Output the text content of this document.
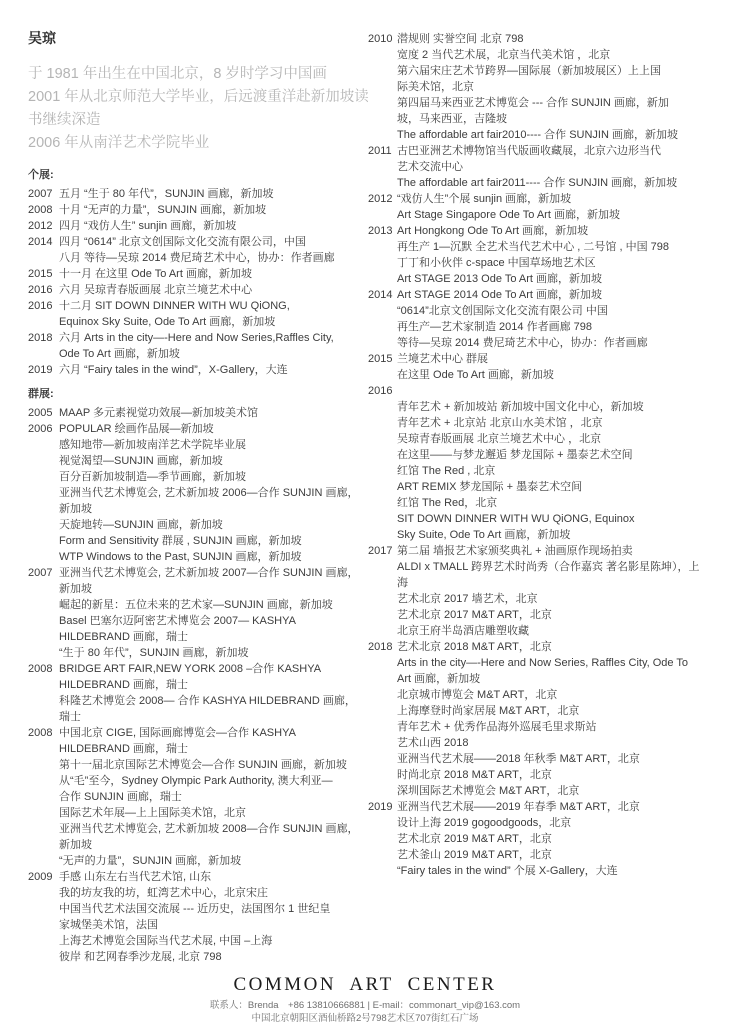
吴琼
于 1981 年出生在中国北京，8 岁时学习中国画
2001 年从北京师范大学毕业，后远渡重洋赴新加坡读
书继续深造
2006 年从南洋艺术学院毕业
个展:
2007 五月 “生于 80 年代”，SUNJIN 画廊，新加坡
2008 十月 “无声的力量”，SUNJIN 画廊，新加坡
2012 四月 “戏仿人生” sunjin 画廊，新加坡
2014 四月 “0614” 北京文创国际文化交流有限公司，中国
八月 等待—吴琼 2014 费尼琦艺术中心，协办：作者画廊
2015 十一月 在这里 Ode To Art 画廊，新加坡
2016 六月 吴琼青春版画展 北京兰境艺术中心
2016 十二月 SIT DOWN DINNER WITH WU QiONG,
Equinox Sky Suite, Ode To Art 画廊，新加坡
2018 六月 Arts in the city—-Here and Now Series,Raffles City,
Ode To Art 画廊，新加坡
2019 六月 “Fairy tales in the wind”，X-Gallery，大连
群展:
2005 MAAP 多元素视觉功效展—新加坡美术馆
2006 POPULAR 绘画作品展—新加坡
感知地带—新加坡南洋艺术学院毕业展
视觉渴望—SUNJIN 画廊，新加坡
百分百新加坡制造—季节画廊，新加坡
亚洲当代艺术博览会, 艺术新加坡 2006—合作 SUNJIN 画廊，
新加坡
天旋地转—SUNJIN 画廊，新加坡
Form and Sensitivity 群展 , SUNJIN 画廊，新加坡
WTP Windows to the Past, SUNJIN 画廊，新加坡
2007 亚洲当代艺术博览会, 艺术新加坡 2007—合作 SUNJIN 画廊，
新加坡
崛起的新星：五位未来的艺术家—SUNJIN 画廊，新加坡
Basel 巴塞尔迈阿密艺术博览会 2007— KASHYA
HILDEBRAND 画廊，瑞士
“生于 80 年代”，SUNJIN 画廊，新加坡
2008 BRIDGE ART FAIR,NEW YORK 2008 –合作 KASHYA
HILDEBRAND 画廊，瑞士
科隆艺术博览会 2008— 合作 KASHYA HILDEBRAND 画廊，
瑞士
2008 中国北京 CIGE, 国际画廊博览会—合作 KASHYA
HILDEBRAND 画廊，瑞士
第十一届北京国际艺术博览会—合作 SUNJIN 画廊，新加坡
从“毛”至今，Sydney Olympic Park Authority, 澳大利亚—
合作 SUNJIN 画廊，瑞士
国际艺术年展—上上国际美术馆，北京
亚洲当代艺术博览会, 艺术新加坡 2008—合作 SUNJIN 画廊，
新加坡
“无声的力量”，SUNJIN 画廊，新加坡
2009 手感 山东左右当代艺术馆, 山东
我的坊友我的坊，虹湾艺术中心，北京宋庄
中国当代艺术法国交流展 --- 近历史，法国图尔 1 世纪皇
家城堡美术馆，法国
上海艺术博览会国际当代艺术展, 中国 –上海
彼岸 和艺网春季沙龙展, 北京 798
2010 潜规则 实誉空间 北京 798
宽度 2 当代艺术展，北京当代美术馆 ，北京
第六届宋庄艺术节跨界—国际展（新加坡展区）上上国
际美术馆，北京
第四届马来西亚艺术博览会 --- 合作 SUNJIN 画廊，新加
坡，马来西亚，吉隆坡
The affordable art fair2010---- 合作 SUNJIN 画廊，新加坡
2011 古巴亚洲艺术博物馆当代版画收藏展，北京六边形当代
艺术交流中心
The affordable art fair2011---- 合作 SUNJIN 画廊，新加坡
2012 “戏仿人生”个展 sunjin 画廊，新加坡
Art Stage Singapore Ode To Art 画廊，新加坡
2013 Art Hongkong Ode To Art 画廊，新加坡
再生产 1—沉默 全艺术当代艺术中心 , 二号馆 , 中国 798
丁丁和小伙伴 c-space 中国草场地艺术区
Art STAGE 2013 Ode To Art 画廊，新加坡
2014 Art STAGE 2014 Ode To Art 画廊，新加坡
“0614”北京文创国际文化交流有限公司 中国
再生产—艺术家制造 2014 作者画廊 798
等待—吴琼 2014 费尼琦艺术中心，协办：作者画廊
2015 兰境艺术中心 群展
在这里 Ode To Art 画廊，新加坡
2016
青年艺术 + 新加坡站 新加坡中国文化中心，新加坡
青年艺术 + 北京站 北京山水美术馆 ，北京
吴琼青春版画展 北京兰境艺术中心 ，北京
在这里——与梦龙邂逅 梦龙国际 + 墨泰艺术空间
红馆 The Red , 北京
ART REMIX 梦龙国际 + 墨泰艺术空间
红馆 The Red，北京
SIT DOWN DINNER WITH WU QiONG, Equinox
Sky Suite, Ode To Art 画廊，新加坡
2017 第二届 墙报艺术家颁奖典礼 + 油画原作现场拍卖
ALDI x TMALL 跨界艺术时尚秀（合作嘉宾 著名影星陈坤），上
海
艺术北京 2017 墙艺术，北京
艺术北京 2017 M&T ART，北京
北京王府半岛酒店雕塑收藏
2018 艺术北京 2018 M&T ART，北京
Arts in the city—-Here and Now Series, Raffles City, Ode To
Art 画廊，新加坡
北京城市博览会 M&T ART，北京
上海摩登时尚家居展 M&T ART，北京
青年艺术 + 优秀作品海外巡展毛里求斯站
艺术山西 2018
亚洲当代艺术展——2018 年秋季 M&T ART，北京
时尚北京 2018 M&T ART，北京
深圳国际艺术博览会 M&T ART，北京
2019 亚洲当代艺术展——2019 年春季 M&T ART，北京
设计上海 2019 gogoodgoods，北京
艺术北京 2019 M&T ART，北京
艺术釜山 2019 M&T ART，北京
“Fairy tales in the wind” 个展 X-Gallery，大连
COMMON ART CENTER
联系人：Brenda　+86 13810666881 | E-mail：commonart_vip@163.com
中国北京朝阳区酒仙桥路2号798艺术区707街红石广场
